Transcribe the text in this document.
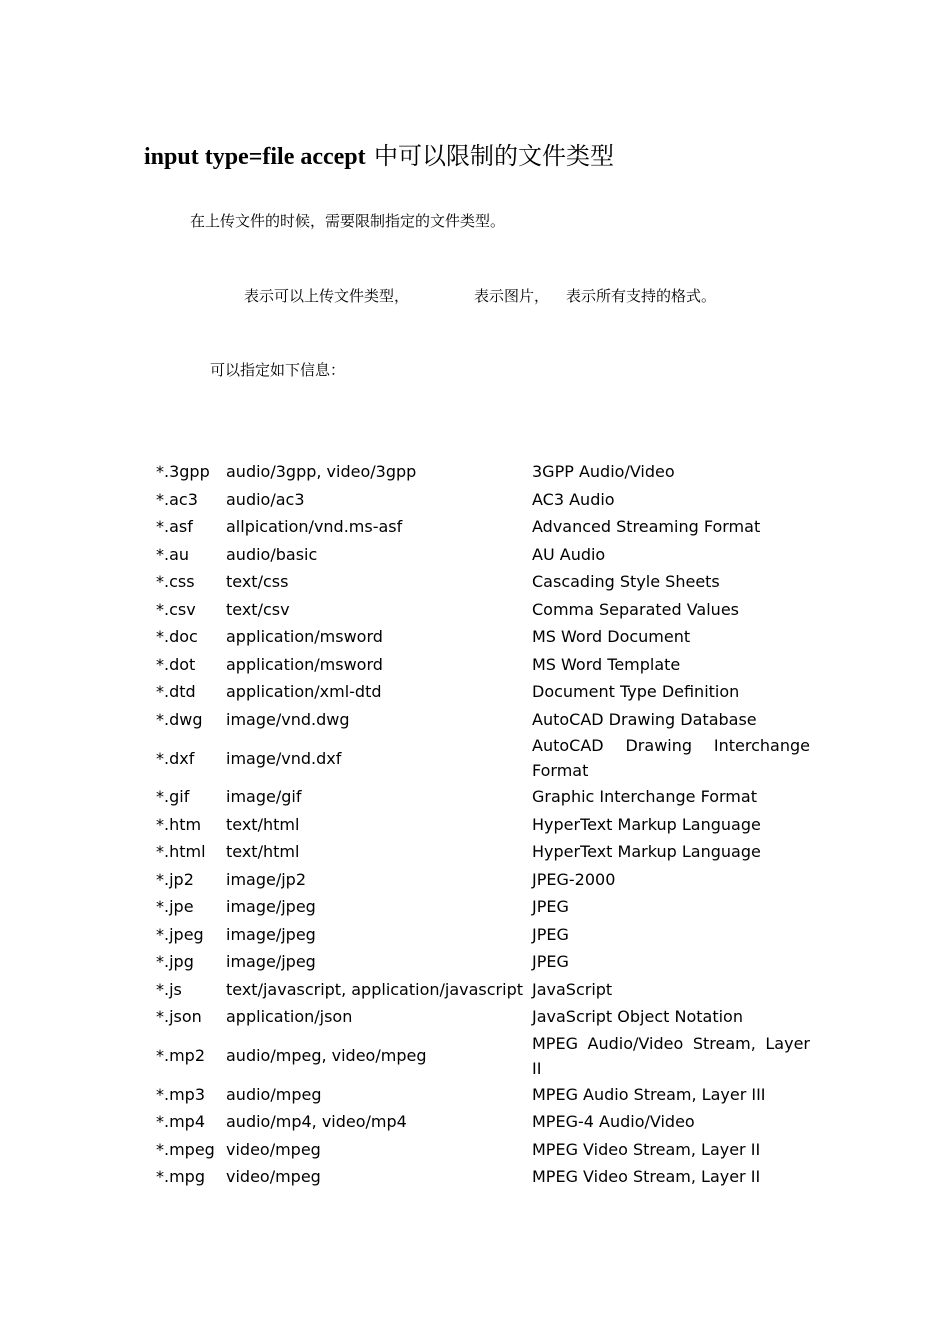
input type=file accept 中可以限制的文件类型
在上传文件的时候，需要限制指定的文件类型。
表示可以上传文件类型，	表示图片， 表示所有支持的格式。
可以指定如下信息：
*.3gpp	audio/3gpp, video/3gpp	3GPP Audio/Video
*.ac3	audio/ac3	AC3 Audio
*.asf	allpication/vnd.ms-asf	Advanced Streaming Format
*.au	audio/basic	AU Audio
*.css	text/css	Cascading Style Sheets
*.csv	text/csv	Comma Separated Values
*.doc	application/msword	MS Word Document
*.dot	application/msword	MS Word Template
*.dtd	application/xml-dtd	Document Type Definition
*.dwg	image/vnd.dwg	AutoCAD Drawing Database
*.dxf	image/vnd.dxf	AutoCAD Drawing Interchange Format
*.gif	image/gif	Graphic Interchange Format
*.htm	text/html	HyperText Markup Language
*.html	text/html	HyperText Markup Language
*.jp2	image/jp2	JPEG-2000
*.jpe	image/jpeg	JPEG
*.jpeg	image/jpeg	JPEG
*.jpg	image/jpeg	JPEG
*.js	text/javascript, application/javascript	JavaScript
*.json	application/json	JavaScript Object Notation
*.mp2	audio/mpeg, video/mpeg	MPEG Audio/Video Stream, Layer II
*.mp3	audio/mpeg	MPEG Audio Stream, Layer III
*.mp4	audio/mp4, video/mp4	MPEG-4 Audio/Video
*.mpeg	video/mpeg	MPEG Video Stream, Layer II
*.mpg	video/mpeg	MPEG Video Stream, Layer II
